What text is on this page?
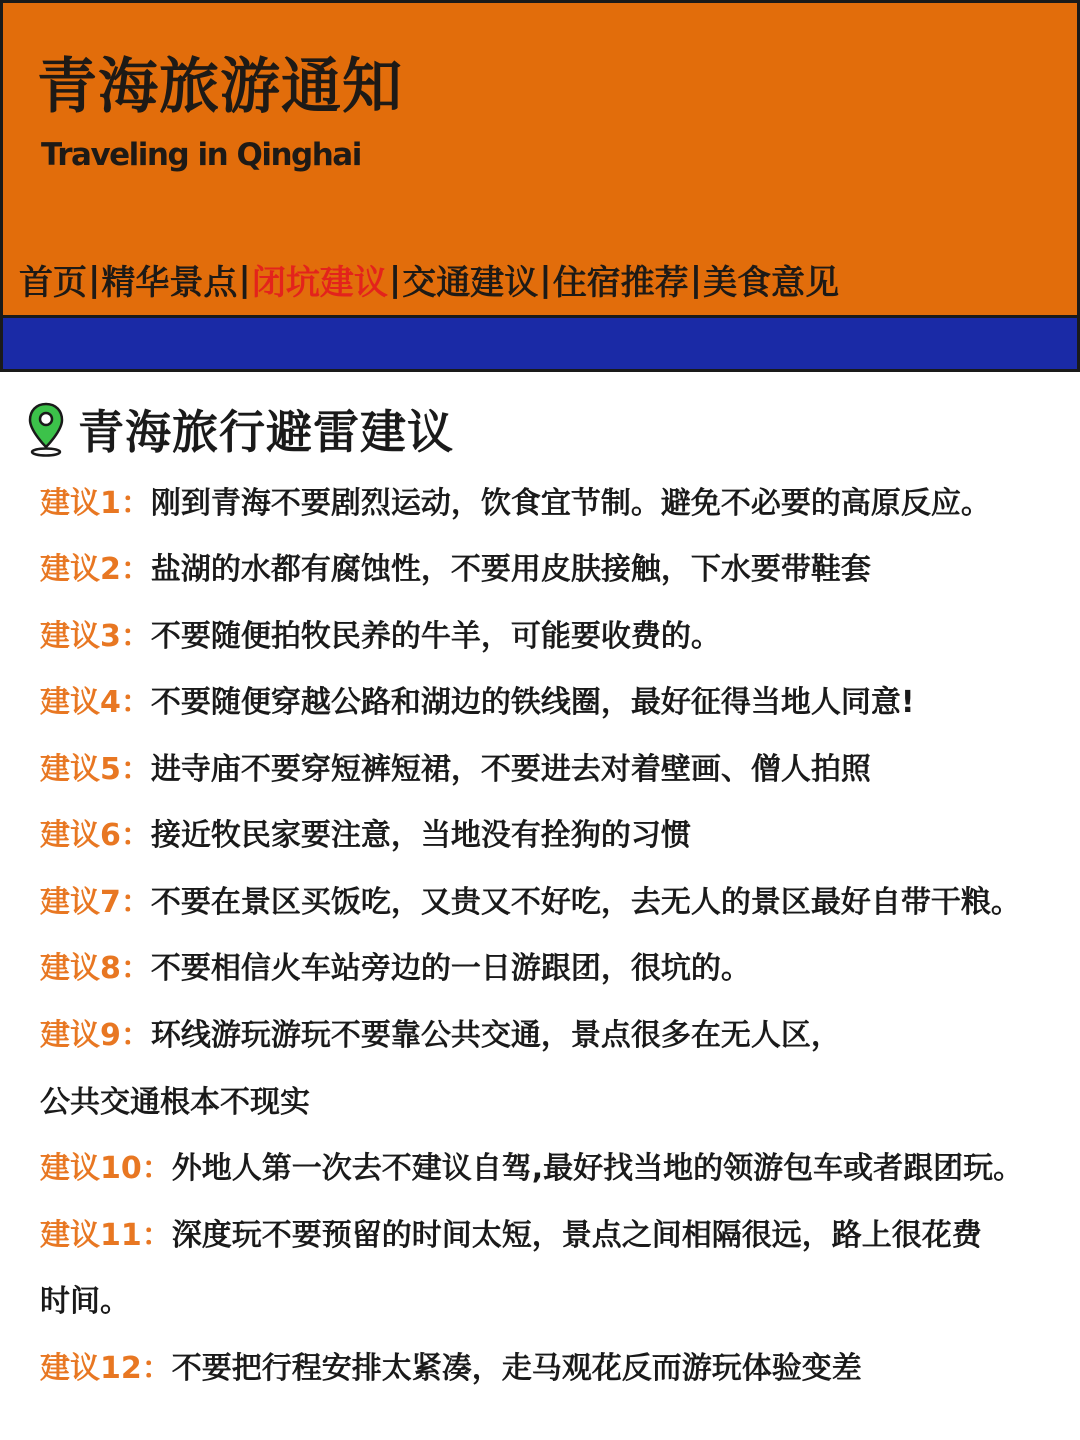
青海旅游通知
Traveling in Qinghai
首页 | 精华景点 | 闭坑建议 | 交通建议 | 住宿推荐 | 美食意见
青海旅行避雷建议
建议1：刚到青海不要剧烈运动，饮食宜节制。避免不必要的高原反应。
建议2：盐湖的水都有腐蚀性，不要用皮肤接触，下水要带鞋套
建议3：不要随便拍牧民养的牛羊，可能要收费的。
建议4：不要随便穿越公路和湖边的铁线圈，最好征得当地人同意!
建议5：进寺庙不要穿短裤短裙，不要进去对着壁画、僧人拍照
建议6：接近牧民家要注意，当地没有拴狗的习惯
建议7：不要在景区买饭吃，又贵又不好吃，去无人的景区最好自带干粮。
建议8：不要相信火车站旁边的一日游跟团，很坑的。
建议9：环线游玩游玩不要靠公共交通，景点很多在无人区，
公共交通根本不现实
建议10：外地人第一次去不建议自驾,最好找当地的领游包车或者跟团玩。
建议11：深度玩不要预留的时间太短，景点之间相隔很远，路上很花费
时间。
建议12：不要把行程安排太紧凑，走马观花反而游玩体验变差
